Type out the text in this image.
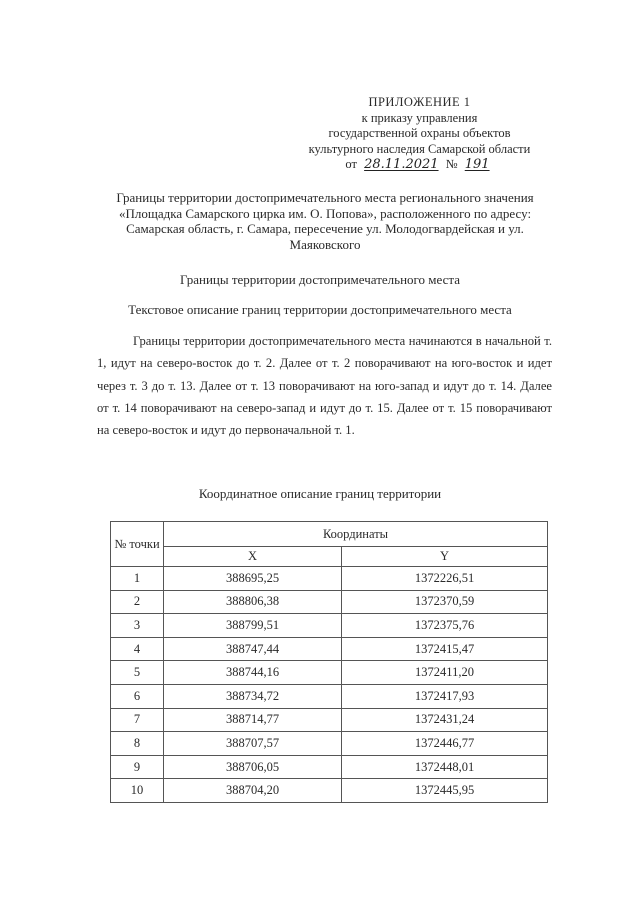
ПРИЛОЖЕНИЕ 1
к приказу управления
государственной охраны объектов
культурного наследия Самарской области
от 28.11.2021 № 191
Границы территории достопримечательного места регионального значения «Площадка Самарского цирка им. О. Попова», расположенного по адресу: Самарская область, г. Самара, пересечение ул. Молодогвардейская и ул. Маяковского
Границы территории достопримечательного места
Текстовое описание границ территории достопримечательного места

Границы территории достопримечательного места начинаются в начальной т. 1, идут на северо-восток до т. 2. Далее от т. 2 поворачивают на юго-восток и идет через т. 3 до т. 13. Далее от т. 13 поворачивают на юго-запад и идут до т. 14. Далее от т. 14 поворачивают на северо-запад и идут до т. 15. Далее от т. 15 поворачивают на северо-восток и идут до первоначальной т. 1.

Координатное описание границ территории
№ точки	Координаты	
	X	Y
1	388695,25	1372226,51
2	388806,38	1372370,59
3	388799,51	1372375,76
4	388747,44	1372415,47
5	388744,16	1372411,20
6	388734,72	1372417,93
7	388714,77	1372431,24
8	388707,57	1372446,77
9	388706,05	1372448,01
10	388704,20	1372445,95
